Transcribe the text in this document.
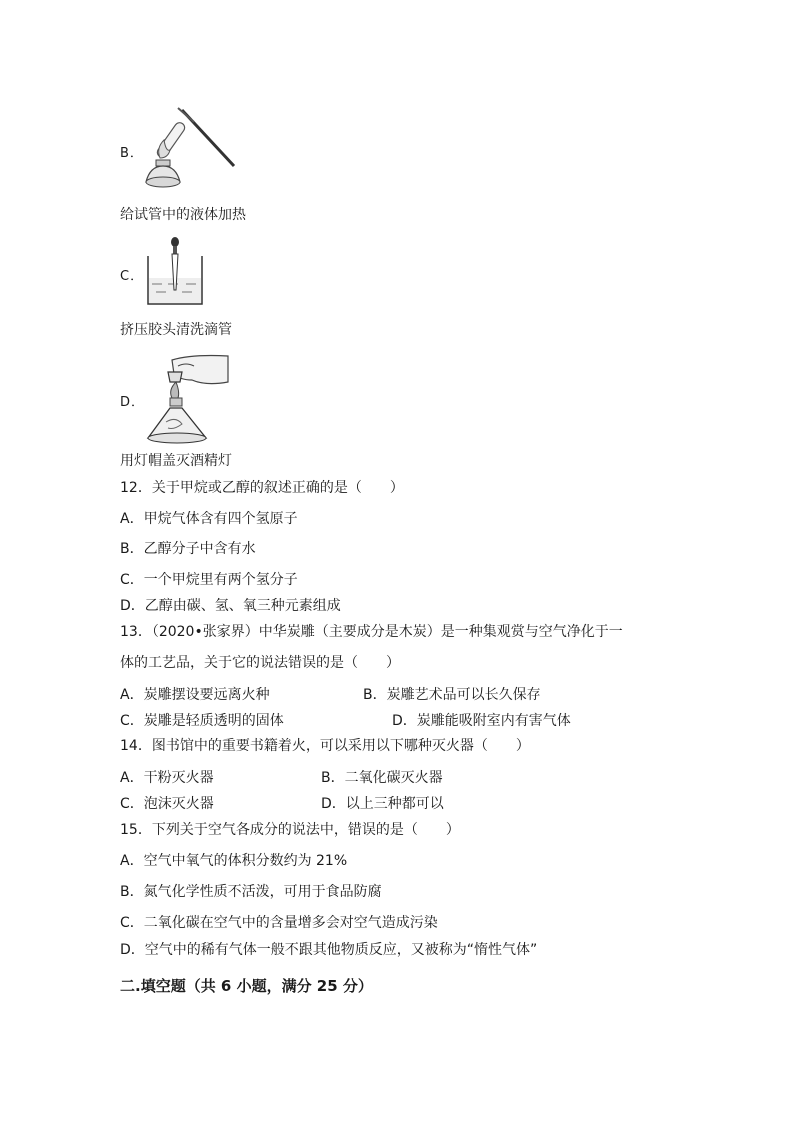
B．
给试管中的液体加热
C．
挤压胶头清洗滴管
D．
用灯帽盖灭酒精灯
12．关于甲烷或乙醇的叙述正确的是（　　）
A．甲烷气体含有四个氢原子
B．乙醇分子中含有水
C．一个甲烷里有两个氢分子
D．乙醇由碳、氢、氧三种元素组成
13．（2020•张家界）中华炭雕（主要成分是木炭）是一种集观赏与空气净化于一
体的工艺品，关于它的说法错误的是（　　）
A．炭雕摆设要远离火种	B．炭雕艺术品可以长久保存
C．炭雕是轻质透明的固体	D．炭雕能吸附室内有害气体
14．图书馆中的重要书籍着火，可以采用以下哪种灭火器（　　）
A．干粉灭火器	B．二氧化碳灭火器
C．泡沫灭火器	D．以上三种都可以
15．下列关于空气各成分的说法中，错误的是（　　）
A．空气中氧气的体积分数约为 21%
B．氮气化学性质不活泼，可用于食品防腐
C．二氧化碳在空气中的含量增多会对空气造成污染
D．空气中的稀有气体一般不跟其他物质反应，又被称为“惰性气体”
二.填空题（共 6 小题，满分 25 分）
